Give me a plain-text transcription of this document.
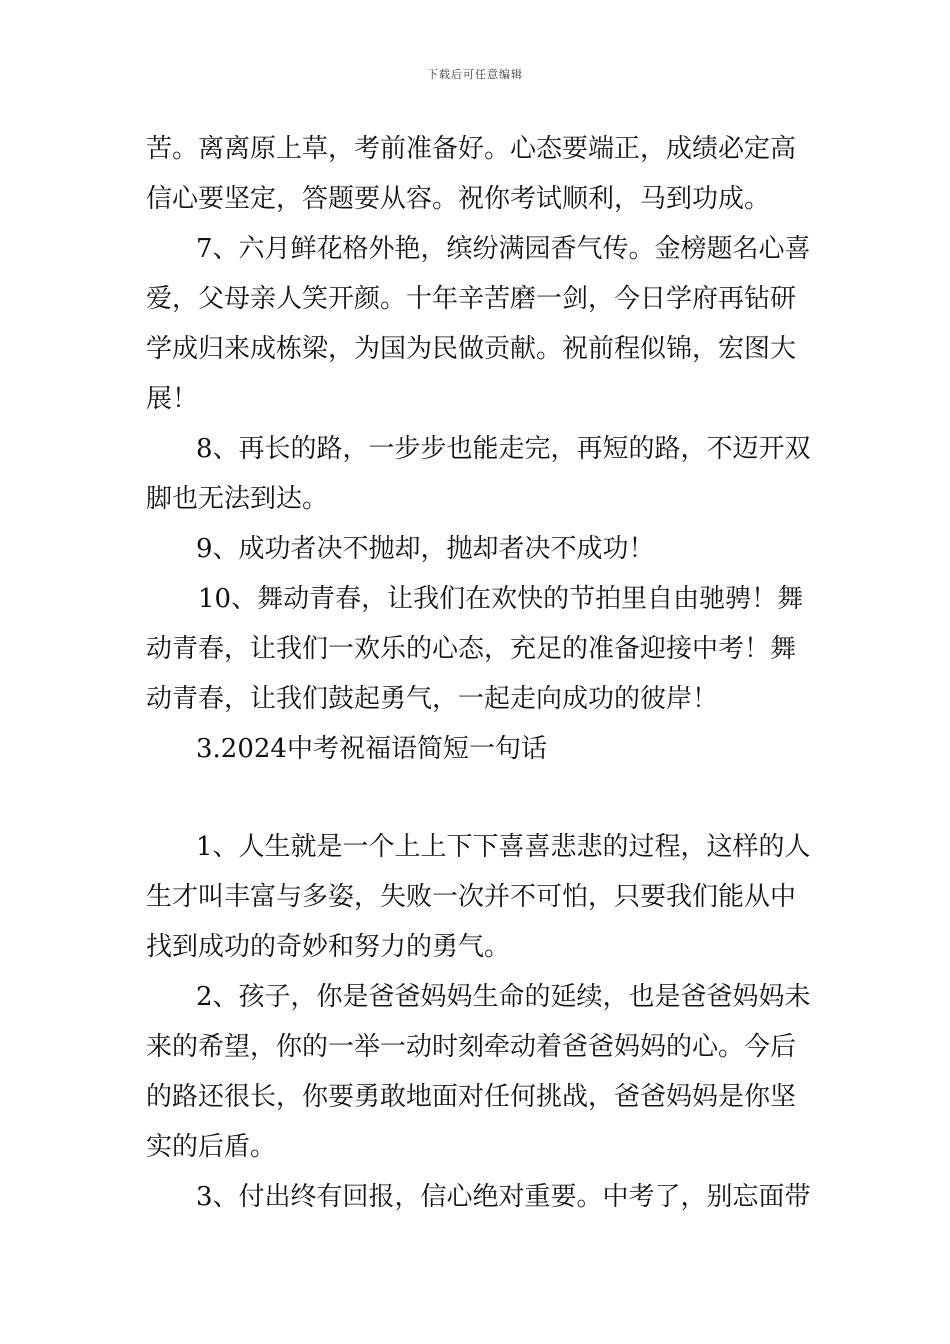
下载后可任意编辑
苦。离离原上草，考前准备好。心态要端正，成绩必定高
信心要坚定，答题要从容。祝你考试顺利，马到功成。
7、六月鲜花格外艳，缤纷满园香气传。金榜题名心喜
爱，父母亲人笑开颜。十年辛苦磨一剑，今日学府再钻研
学成归来成栋梁，为国为民做贡献。祝前程似锦，宏图大
展！
8、再长的路，一步步也能走完，再短的路，不迈开双
脚也无法到达。
9、成功者决不抛却，抛却者决不成功！
10、舞动青春，让我们在欢快的节拍里自由驰骋！舞
动青春，让我们一欢乐的心态，充足的准备迎接中考！舞
动青春，让我们鼓起勇气，一起走向成功的彼岸！
3.2024中考祝福语简短一句话
1、人生就是一个上上下下喜喜悲悲的过程，这样的人
生才叫丰富与多姿，失败一次并不可怕，只要我们能从中
找到成功的奇妙和努力的勇气。
2、孩子，你是爸爸妈妈生命的延续，也是爸爸妈妈未
来的希望，你的一举一动时刻牵动着爸爸妈妈的心。今后
的路还很长，你要勇敢地面对任何挑战，爸爸妈妈是你坚
实的后盾。
3、付出终有回报，信心绝对重要。中考了，别忘面带
